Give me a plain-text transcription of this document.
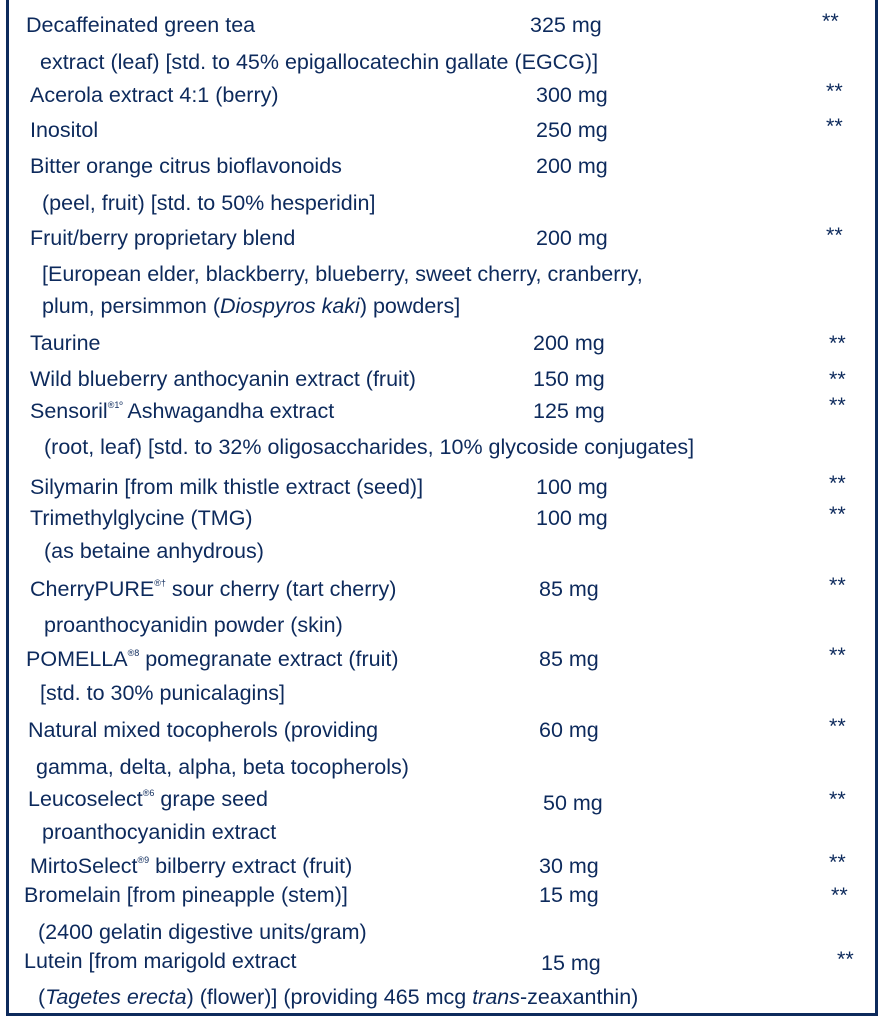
Decaffeinated green tea	325 mg	**
extract (leaf) [std. to 45% epigallocatechin gallate (EGCG)]
Acerola extract 4:1 (berry)	300 mg	**
Inositol	250 mg	**
Bitter orange citrus bioflavonoids	200 mg
(peel, fruit) [std. to 50% hesperidin]
Fruit/berry proprietary blend	200 mg	**
[European elder, blackberry, blueberry, sweet cherry, cranberry,
plum, persimmon (Diospyros kaki) powders]
Taurine	200 mg	**
Wild blueberry anthocyanin extract (fruit)	150 mg	**
Sensoril$^{®1º}$ Ashwagandha extract	125 mg	**
(root, leaf) [std. to 32% oligosaccharides, 10% glycoside conjugates]
Silymarin [from milk thistle extract (seed)]	100 mg	**
Trimethylglycine (TMG)	100 mg	**
(as betaine anhydrous)
CherryPURE®† sour cherry (tart cherry)	85 mg	**
proanthocyanidin powder (skin)
$POMELLA^{®8}$ pomegranate extract (fruit)	85 mg	**
[std. to 30% punicalagins]
Natural mixed tocopherols (providing	60 mg	**
gamma, delta, alpha, beta tocopherols)
Leucoselect$^{®6}$ grape seed	50 mg	**
proanthocyanidin extract
MirtoSelect$^{®9}$ bilberry extract (fruit)	30 mg	**
Bromelain [from pineapple (stem)]	15 mg	**
(2400 gelatin digestive units/gram)
Lutein [from marigold extract	15 mg	**
(Tagetes erecta) (flower)] (providing 465 mcg trans-zeaxanthin)
